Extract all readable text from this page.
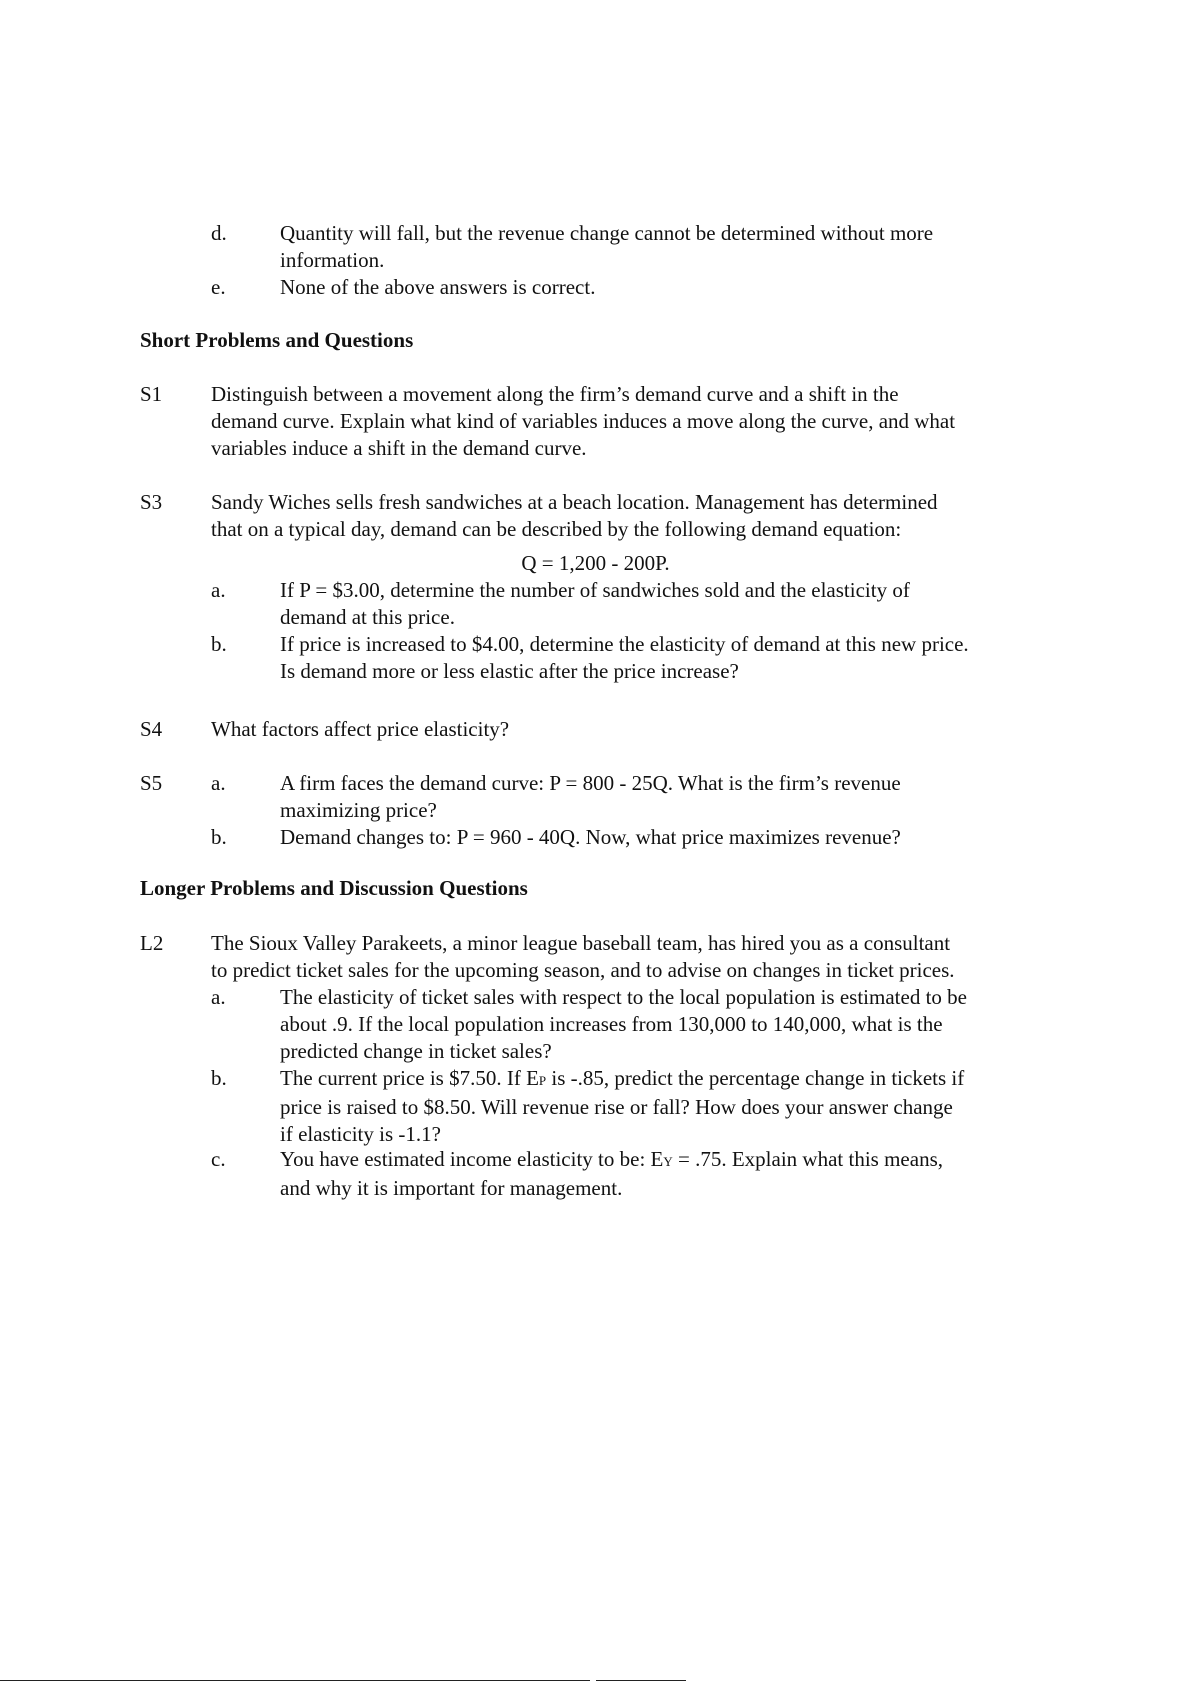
d.	Quantity will fall, but the revenue change cannot be determined without more
information.
e.	None of the above answers is correct.
Short Problems and Questions
S1 Distinguish between a movement along the firm’s demand curve and a shift in the
demand curve. Explain what kind of variables induces a move along the curve, and what
variables induce a shift in the demand curve.
S3 Sandy Wiches sells fresh sandwiches at a beach location. Management has determined
that on a typical day, demand can be described by the following demand equation:
Q = 1,200 - 200P.
a.	If P = $3.00, determine the number of sandwiches sold and the elasticity of
demand at this price.
b.	If price is increased to $4.00, determine the elasticity of demand at this new price.
Is demand more or less elastic after the price increase?
S4 What factors affect price elasticity?
S5 a.	A firm faces the demand curve: P = 800 - 25Q. What is the firm’s revenue
maximizing price?
b.	Demand changes to: P = 960 - 40Q. Now, what price maximizes revenue?
Longer Problems and Discussion Questions
L2 The Sioux Valley Parakeets, a minor league baseball team, has hired you as a consultant
to predict ticket sales for the upcoming season, and to advise on changes in ticket prices.
a.	The elasticity of ticket sales with respect to the local population is estimated to be
about .9. If the local population increases from 130,000 to 140,000, what is the
predicted change in ticket sales?
b.	The current price is $7.50. If EP is -.85, predict the percentage change in tickets if
price is raised to $8.50. Will revenue rise or fall? How does your answer change
if elasticity is -1.1?
c.	You have estimated income elasticity to be: EY = .75. Explain what this means,
and why it is important for management.
